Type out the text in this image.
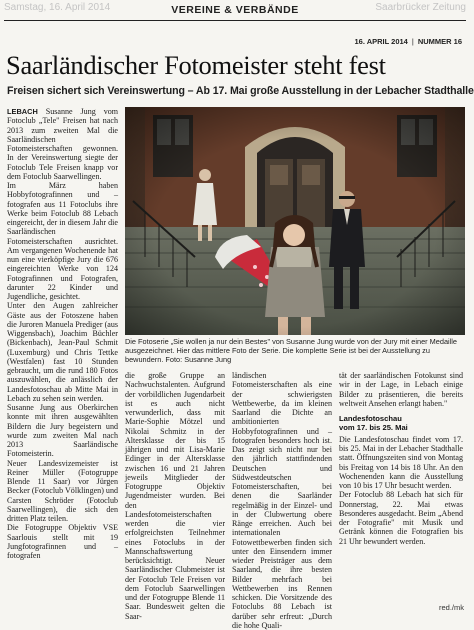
Samstag, 16. April 2014	VEREINE & VERBÄNDE	Saarbrücker Zeitung
16. APRIL 2014 | NUMMER 16
Saarländischer Fotomeister steht fest
Freisen sichert sich Vereinswertung – Ab 17. Mai große Ausstellung in der Lebacher Stadthalle

LEBACH Susanne Jung vom Fotoclub „Tele" Freisen hat nach 2013 zum zweiten Mal die Saarländischen Fotomeisterschaften gewonnen. In der Vereinswertung siegte der Fotoclub Tele Freisen knapp vor dem Fotoclub Saarwellingen.

Im März haben Hobbyfotografinnen und –fotografen aus 11 Fotoclubs ihre Werke beim Fotoclub 88 Lebach eingereicht, der in diesem Jahr die Saarländischen Fotomeisterschaften ausrichtet. Am vergangenen Wochenende hat nun eine vierköpfige Jury die 676 eingereichten Werke von 124 Fotografinnen und Fotografen, darunter 22 Kinder und Jugendliche, gesichtet.

Unter den Augen zahlreicher Gäste aus der Fotoszene haben die Juroren Manuela Prediger (aus Wiggensbach), Joachim Büchler (Bickenbach), Jean-Paul Schmit (Luxemburg) und Chris Tettke (Westfalen) fast 10 Stunden gebraucht, um die rund 180 Fotos auszuwählen, die anlässlich der Landesfotoschau ab Mitte Mai in Lebach zu sehen sein werden.

Susanne Jung aus Oberkirchen konnte mit ihren ausgewählten Bildern die Jury begeistern und wurde zum zweiten Mal nach 2013 Saarländische Fotomeisterin.

Neuer Landesvizemeister ist Reiner Müller (Fotogruppe Blende 11 Saar) vor Jürgen Becker (Fotoclub Völklingen) und Carsten Schröder (Fotoclub Saarwellingen), die sich den dritten Platz teilen.

Die Fotogruppe Objektiv VSE Saarlouis stellt mit 19 Jungfotografinnen und –fotografen

Die Fotoserie „Sie wollen ja nur dein Bestes" von Susanne Jung wurde von der Jury mit einer Medaille ausgezeichnet. Hier das mittlere Foto der Serie. Die komplette Serie ist bei der Ausstellung zu bewundern. Foto: Susanne Jung

die große Gruppe an Nachwuchstalenten. Aufgrund der vorbildlichen Jugendarbeit ist es auch nicht verwunderlich, dass mit Marie-Sophie Mötzel und Nikolai Schmitz in der Altersklasse der bis 15 jährigen und mit Lisa-Marie Edinger in der Altersklasse zwischen 16 und 21 Jahren jeweils Mitglieder der Fotogruppe Objektiv Jugendmeister wurden. Bei den Landesfotomeisterschaften werden die vier erfolgreichsten Teilnehmer eines Fotoclubs in der Mannschaftswertung berücksichtigt. Neuer Saarländischer Clubmeister ist der Fotoclub Tele Freisen vor dem Fotoclub Saarwellingen und der Fotogruppe Blende 11 Saar. Bundesweit gelten die Saar-

ländischen Fotomeisterschaften als eine der schwierigsten Wettbewerbe, da im kleinen Saarland die Dichte an ambitionierten Hobbyfotografinnen und –fotografen besonders hoch ist. Das zeigt sich nicht nur bei den jährlich stattfindenden Deutschen und Südwestdeutschen Fotomeisterschaften, bei denen die Saarländer regelmäßig in der Einzel- und in der Clubwertung obere Ränge erreichen. Auch bei internationalen Fotowettbewerben finden sich unter den Einsendern immer wieder Preisträger aus dem Saarland, die ihre besten Bilder mehrfach bei Wettbewerben ins Rennen schicken. Die Vorsitzende des Fotoclubs 88 Lebach ist darüber sehr erfreut: „Durch die hohe Quali-

tät der saarländischen Fotokunst sind wir in der Lage, in Lebach einige Bilder zu präsentieren, die bereits weltweit Ansehen erlangt haben."

Landesfotoschau
vom 17. bis 25. Mai

Die Landesfotoschau findet vom 17. bis 25. Mai in der Lebacher Stadthalle statt. Öffnungszeiten sind von Montag bis Freitag von 14 bis 18 Uhr. An den Wochenenden kann die Ausstellung von 10 bis 17 Uhr besucht werden.

Der Fotoclub 88 Lebach hat sich für Donnerstag, 22. Mai etwas Besonderes ausgedacht. Beim „Abend der Fotografie" mit Musik und Getränk können die Fotografien bis 21 Uhr bewundert werden.

red./mk
